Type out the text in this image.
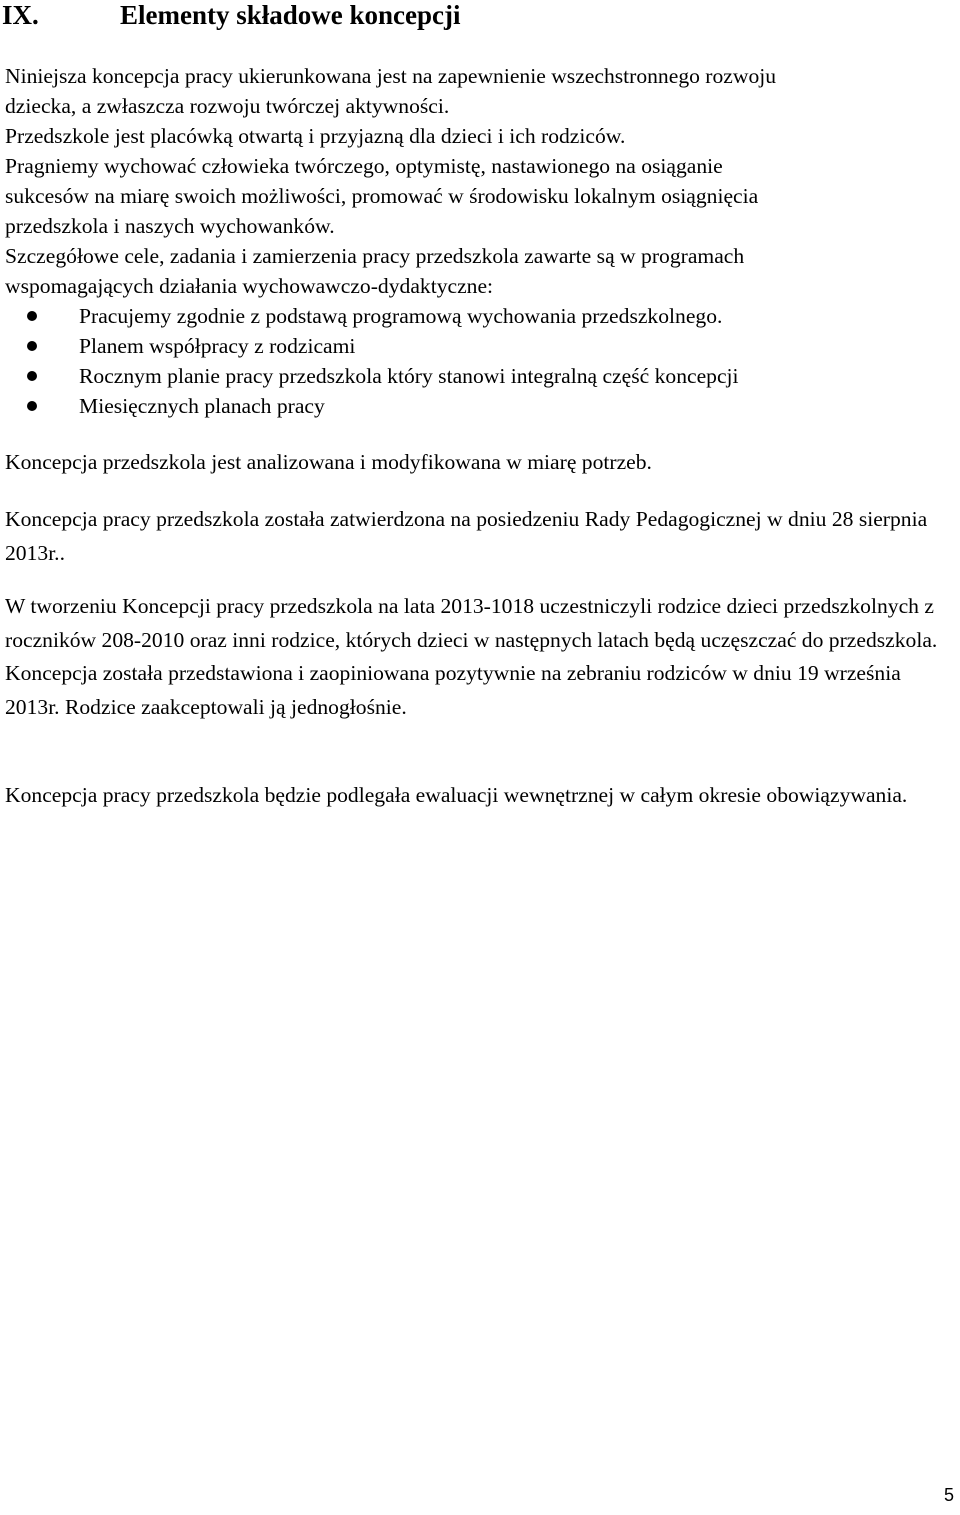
IX.	Elementy składowe koncepcji
Niniejsza koncepcja pracy ukierunkowana jest na zapewnienie wszechstronnego rozwoju
dziecka, a zwłaszcza rozwoju twórczej aktywności.
Przedszkole jest placówką otwartą i przyjazną dla dzieci i ich rodziców.
Pragniemy wychować człowieka twórczego, optymistę, nastawionego na osiąganie
sukcesów na miarę swoich możliwości, promować w środowisku lokalnym osiągnięcia
przedszkola i naszych wychowanków.
Szczegółowe cele, zadania i zamierzenia pracy przedszkola zawarte są w programach
wspomagających działania wychowawczo-dydaktyczne:
Pracujemy zgodnie z podstawą programową wychowania przedszkolnego.
Planem współpracy z rodzicami
Rocznym planie pracy przedszkola który stanowi integralną część koncepcji
Miesięcznych planach pracy

Koncepcja przedszkola jest analizowana i modyfikowana w miarę potrzeb.

Koncepcja pracy przedszkola została zatwierdzona na posiedzeniu Rady Pedagogicznej w dniu 28 sierpnia 2013r..

W tworzeniu Koncepcji pracy przedszkola na lata 2013-1018 uczestniczyli rodzice dzieci przedszkolnych z roczników 208-2010 oraz inni rodzice, których dzieci w następnych latach będą uczęszczać do przedszkola. Koncepcja została przedstawiona i zaopiniowana pozytywnie na zebraniu rodziców w dniu 19 września 2013r. Rodzice zaakceptowali ją jednogłośnie.

Koncepcja pracy przedszkola będzie podlegała ewaluacji wewnętrznej w całym okresie obowiązywania.

5
